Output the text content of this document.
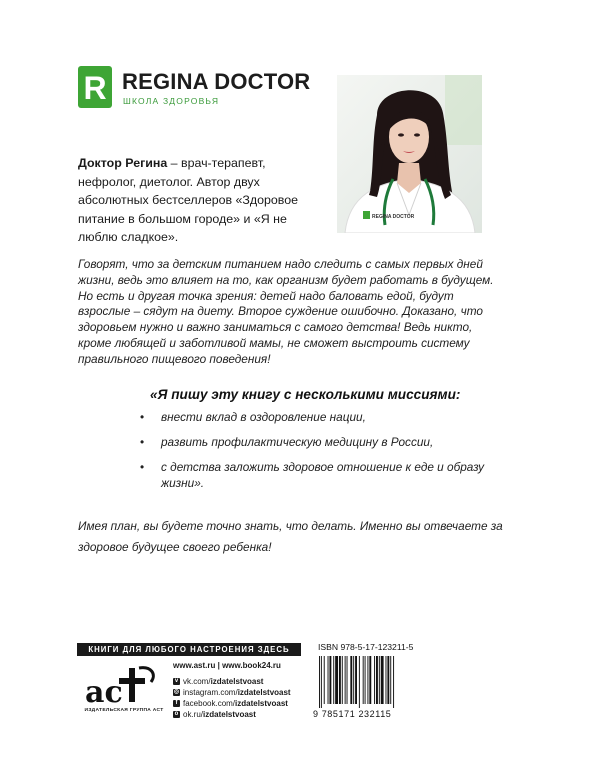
R REGINA DOCTOR
ШКОЛА ЗДОРОВЬЯ
REGINA DOCTOR
Доктор Регина – врач-терапевт, нефролог, диетолог. Автор двух абсолютных бестселлеров «Здоровое питание в большом городе» и «Я не люблю сладкое».
Говорят, что за детским питанием надо следить с самых первых дней жизни, ведь это влияет на то, как организм будет работать в будущем. Но есть и другая точка зрения: детей надо баловать едой, будут взрослые – сядут на диету. Второе суждение ошибочно. Доказано, что здоровьем нужно и важно заниматься с самого детства! Ведь никто, кроме любящей и заботливой мамы, не сможет выстроить систему правильного пищевого поведения!
«Я пишу эту книгу с несколькими миссиями:
• внести вклад в оздоровление нации,
• развить профилактическую медицину в России,
• с детства заложить здоровое отношение к еде и образу жизни».
Имея план, вы будете точно знать, что делать. Именно вы отвечаете за здоровое будущее своего ребенка!
КНИГИ ДЛЯ ЛЮБОГО НАСТРОЕНИЯ ЗДЕСЬ
ac
ИЗДАТЕЛЬСКАЯ ГРУППА АСТ
www.ast.ru | www.book24.ru
v vk.com/ izdatelstvoast
◎ instagram.com/ izdatelstvoast
f facebook.com/ izdatelstvoast
o ok.ru/ izdatelstvoast
ISBN 978-5-17-123211-5
9 785171 232115
